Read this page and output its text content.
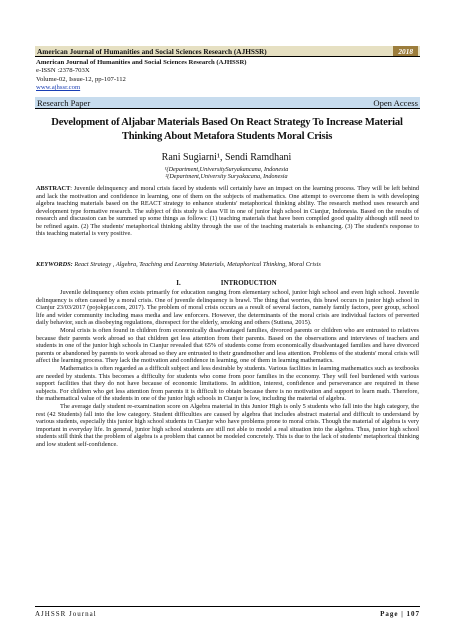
American Journal of Humanities and Social Sciences Research (AJHSSR)	2018
American Journal of Humanities and Social Sciences Research (AJHSSR)
e-ISSN :2378-703X
Volume-02, Issue-12, pp-107-112
www.ajhssr.com
Research Paper	Open Access
Development of Aljabar Materials Based On React Strategy To Increase Material Thinking About Metafora Students Moral Crisis
Rani Sugiarni¹, Sendi Ramdhani
¹(Department,UniversitySuryakancana, Indonesia
²(Department,University Suryakacana, Indonesia
ABSTRACT: Juvenile delinquency and moral crisis faced by students will certainly have an impact on the learning process. They will be left behind and lack the motivation and confidence in learning, one of them on the subjects of mathematics. One attempt to overcome them is with developing algebra teaching materials based on the REACT strategy to enhance students' metaphorical thinking ability. The research method uses research and development type formative research. The subject of this study is class VII in one of junior high school in Cianjur, Indonesia. Based on the results of research and discussion can be summed up some things as follows: (1) teaching materials that have been compiled good quality although still need to be refined again. (2) The students' metaphorical thinking ability through the use of the teaching materials is enhancing. (3) The student's response to this teaching material is very positive.
KEYWORDS: React Strategy , Algebra, Teaching and Learning Materials, Metaphorical Thinking, Moral Crisis
I.	INTRODUCTION

Juvenile delinquency often exists primarily for education ranging from elementary school, junior high school and even high school. Juvenile delinquency is often caused by a moral crisis. One of juvenile delinquency is brawl. The thing that worries, this brawl occurs in junior high school in Cianjur 23/03/2017 (pojokpjar.com, 2017). The problem of moral crisis occurs as a result of several factors, namely family factors, peer group, school life and wider community including mass media and law enforcers. However, the determinants of the moral crisis are individual factors of perverted daily behavior, such as disobeying regulations, disrespect for the elderly, smoking and others (Sutisna, 2015).

Moral crisis is often found in children from economically disadvantaged families, divorced parents or children who are entrusted to relatives because their parents work abroad so that children get less attention from their parents. Based on the observations and interviews of teachers and students in one of the junior high schools in Cianjur revealed that 65% of students come from economically disadvantaged families and have divorced parents or abandoned by parents to work abroad so they are entrusted to their grandmother and less attention. Problems of the students' moral crisis will affect the learning process. They lack the motivation and confidence in learning, one of them in learning mathematics.

Mathematics is often regarded as a difficult subject and less desirable by students. Various facilities in learning mathematics such as textbooks are needed by students. This becomes a difficulty for students who come from poor families in the economy. They will feel burdened with various support facilities that they do not have because of economic limitations. In addition, interest, confidence and perseverance are required in these subjects. For children who get less attention from parents it is difficult to obtain because there is no motivation and support to learn math. Therefore, the mathematical value of the students in one of the junior high schools in Cianjur is low, including the material of algebra.

The average daily student re-examination score on Algebra material in this Junior High is only 5 students who fall into the high category, the rest (42 Students) fall into the low category. Student difficulties are caused by algebra that includes abstract material and difficult to understand by various students, especially this junior high school students in Cianjur who have problems prone to moral crisis. Though the material of algebra is very important in everyday life. In general, junior high school students are still not able to model a real situation into the algebra. Thus, junior high school students still think that the problem of algebra is a problem that cannot be modeled concretely. This is due to the lack of students' metaphorical thinking and low student self-confidence.

AJHSSR Journal	Page | 107
